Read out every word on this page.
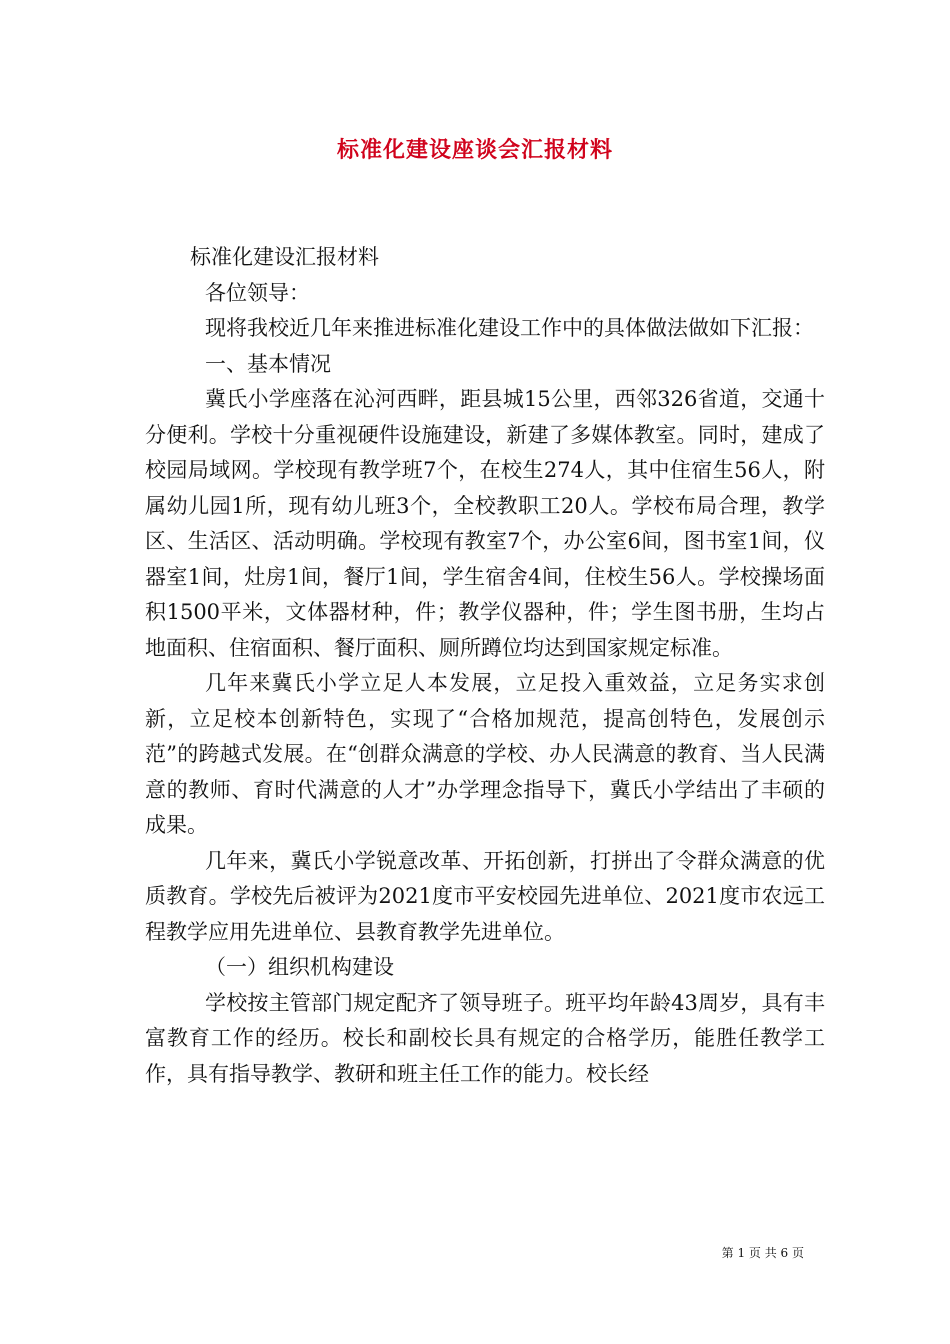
标准化建设座谈会汇报材料

标准化建设汇报材料

各位领导：

现将我校近几年来推进标准化建设工作中的具体做法做如下汇报：

一、基本情况

冀氏小学座落在沁河西畔，距县城15公里，西邻326省道，交通十分便利。学校十分重视硬件设施建设，新建了多媒体教室。同时，建成了校园局域网。学校现有教学班7个，在校生274人，其中住宿生56人，附属幼儿园1所，现有幼儿班3个，全校教职工20人。学校布局合理，教学区、生活区、活动明确。学校现有教室7个，办公室6间，图书室1间，仪器室1间，灶房1间，餐厅1间，学生宿舍4间，住校生56人。学校操场面积1500平米，文体器材种，件；教学仪器种，件；学生图书册，生均占地面积、住宿面积、餐厅面积、厕所蹲位均达到国家规定标准。

几年来冀氏小学立足人本发展，立足投入重效益，立足务实求创新，立足校本创新特色，实现了“合格加规范，提高创特色，发展创示范”的跨越式发展。在“创群众满意的学校、办人民满意的教育、当人民满意的教师、育时代满意的人才”办学理念指导下，冀氏小学结出了丰硕的成果。

几年来，冀氏小学锐意改革、开拓创新，打拼出了令群众满意的优质教育。学校先后被评为2021度市平安校园先进单位、2021度市农远工程教学应用先进单位、县教育教学先进单位。

（一）组织机构建设

学校按主管部门规定配齐了领导班子。班平均年龄43周岁，具有丰富教育工作的经历。校长和副校长具有规定的合格学历，能胜任教学工作，具有指导教学、教研和班主任工作的能力。校长经

第 1 页 共 6 页
